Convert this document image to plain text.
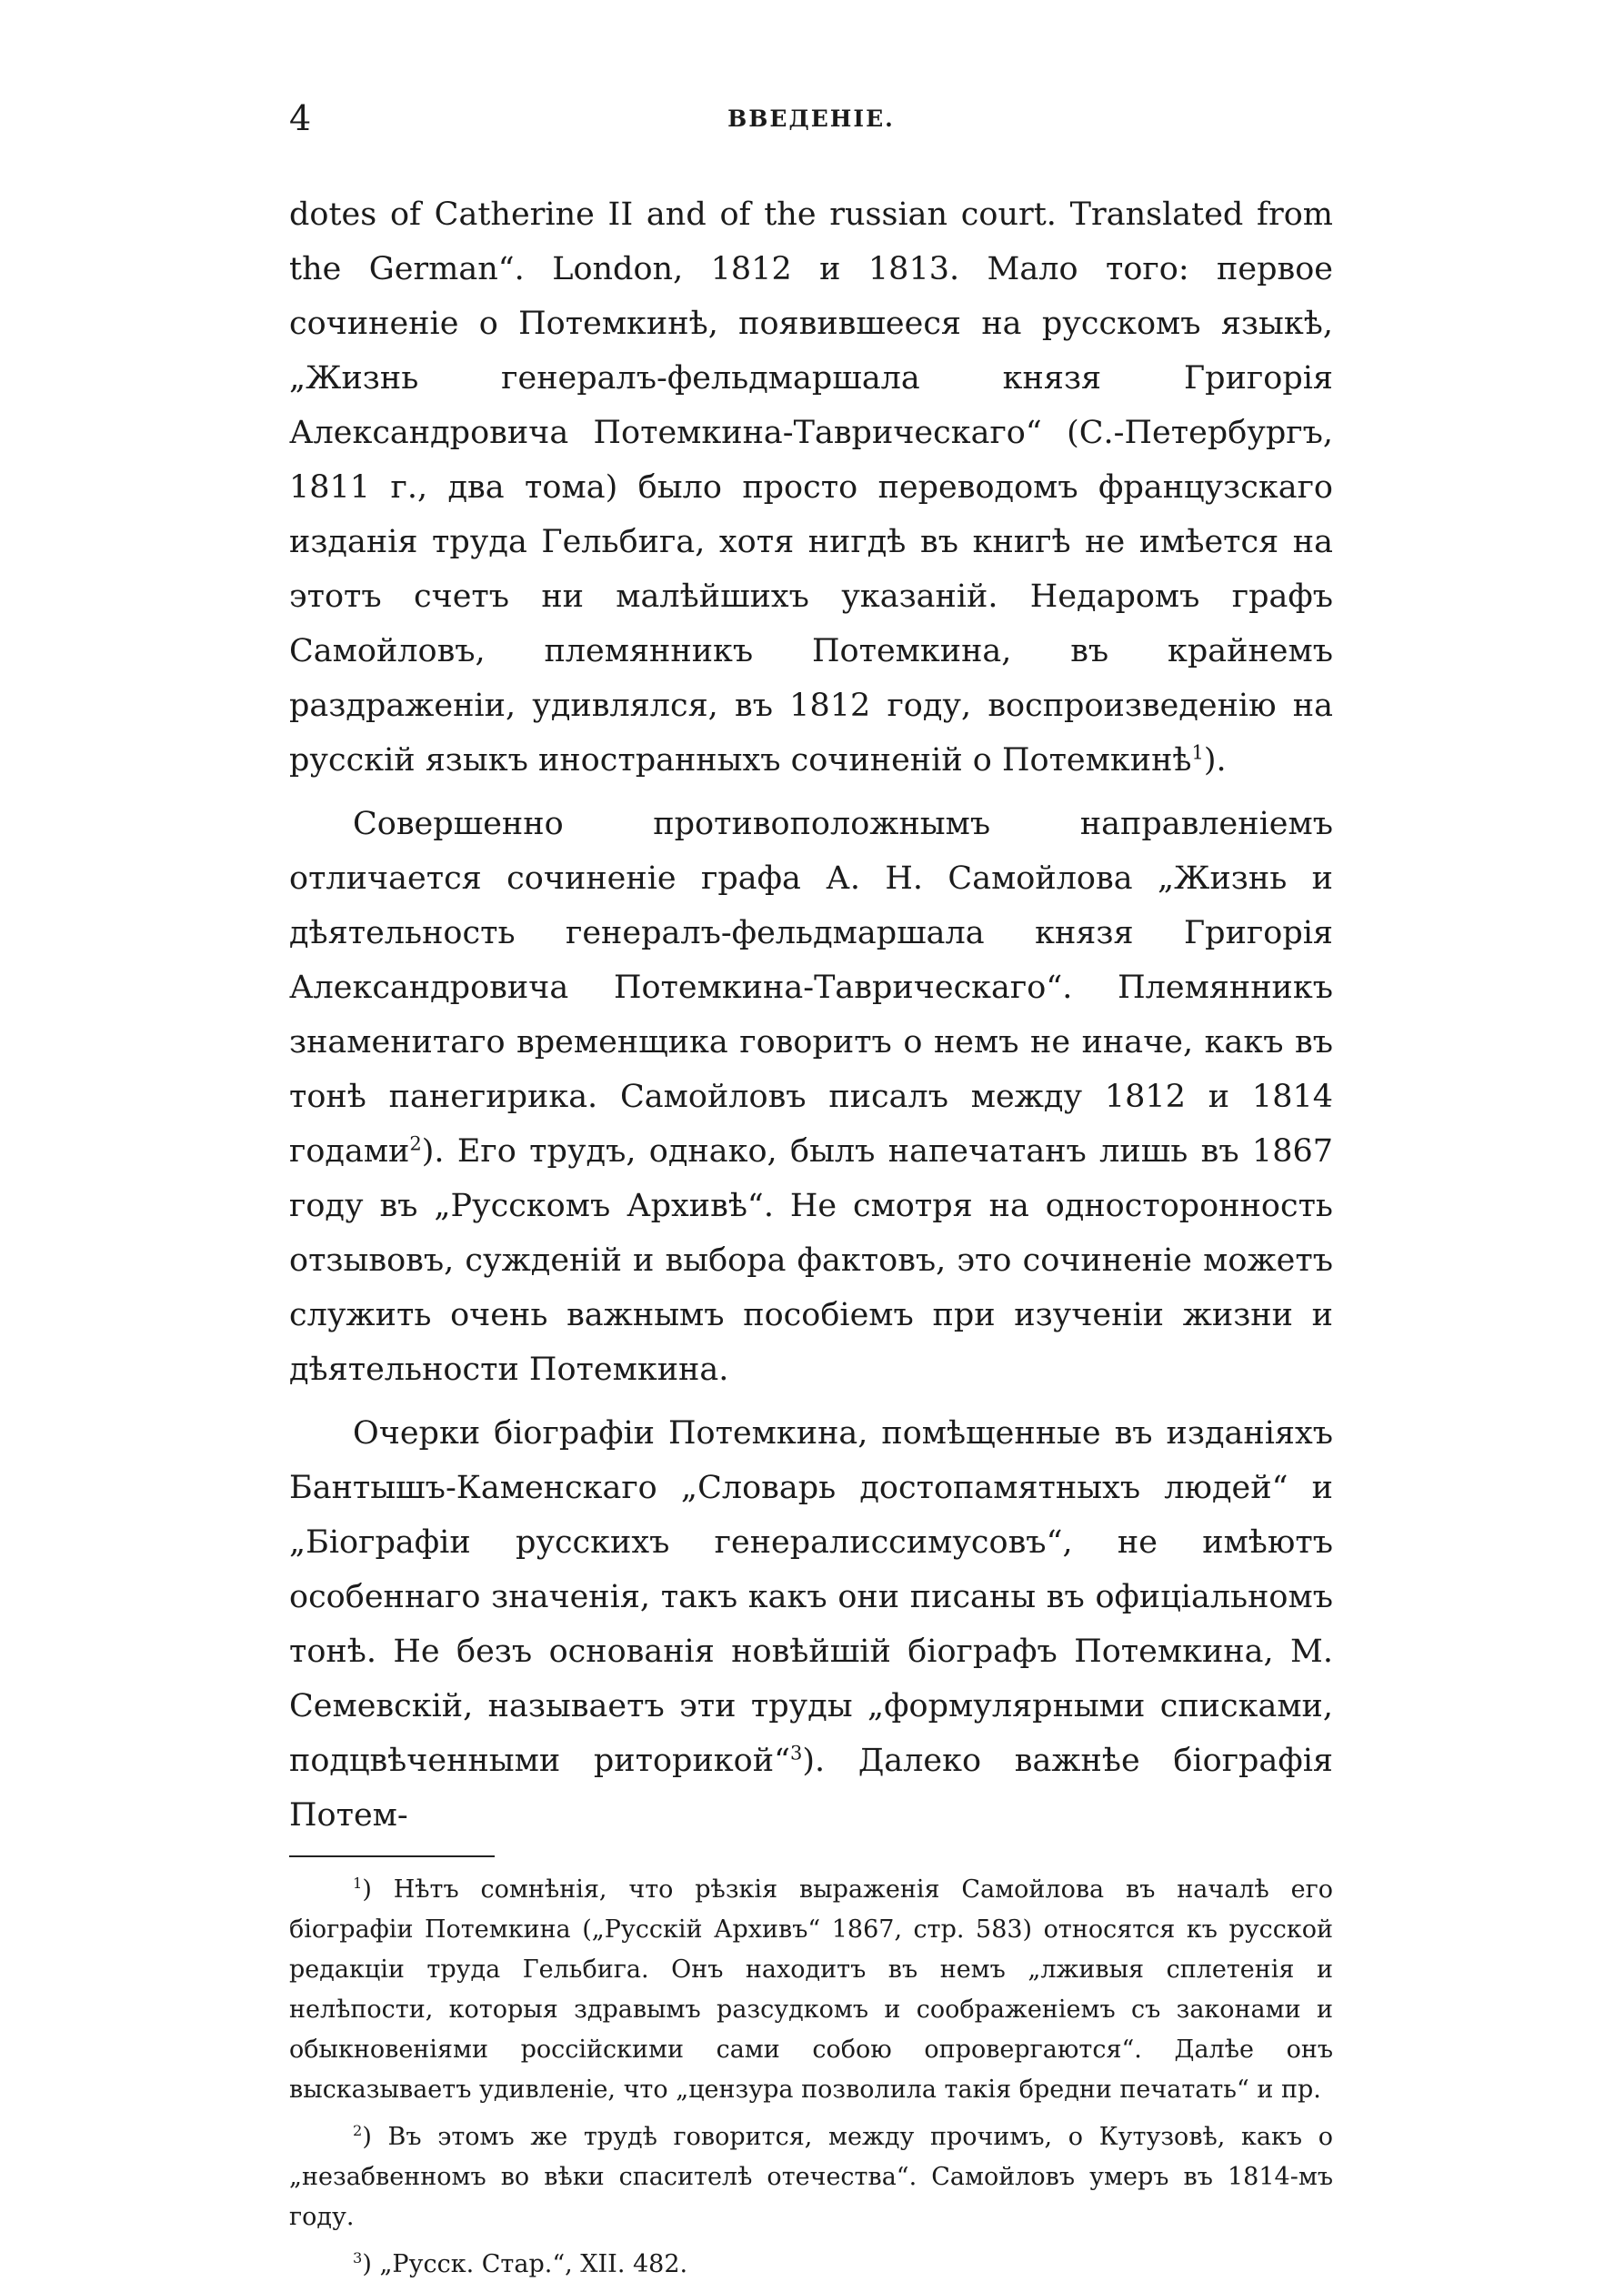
4	ВВЕДЕНІЕ.

dotes of Catherine II and of the russian court. Translated from the German“. London, 1812 и 1813. Мало того: первое сочиненіе о Потемкинѣ, появившееся на русскомъ языкѣ, „Жизнь генералъ-фельдмаршала князя Григорія Александровича Потемкина-Таврическаго“ (С.-Петербургъ, 1811 г., два тома) было просто переводомъ французскаго изданія труда Гельбига, хотя нигдѣ въ книгѣ не имѣется на этотъ счетъ ни малѣйшихъ указаній. Недаромъ графъ Самойловъ, племянникъ Потемкина, въ крайнемъ раздраженіи, удивлялся, въ 1812 году, воспроизведенію на русскій языкъ иностранныхъ сочиненій о Потемкинѣ$^1$).

Совершенно противоположнымъ направленіемъ отличается сочиненіе графа А. Н. Самойлова „Жизнь и дѣятельность генералъ-фельдмаршала князя Григорія Александровича Потемкина-Таврическаго“. Племянникъ знаменитаго временщика говоритъ о немъ не иначе, какъ въ тонѣ панегирика. Самойловъ писалъ между 1812 и 1814 годами$^2$). Его трудъ, однако, былъ напечатанъ лишь въ 1867 году въ „Русскомъ Архивѣ“. Не смотря на односторонность отзывовъ, сужденій и выбора фактовъ, это сочиненіе можетъ служить очень важнымъ пособіемъ при изученіи жизни и дѣятельности Потемкина.

Очерки біографіи Потемкина, помѣщенные въ изданіяхъ Бантышъ-Каменскаго „Словарь достопамятныхъ людей“ и „Біографіи русскихъ генералиссимусовъ“, не имѣютъ особеннаго значенія, такъ какъ они писаны въ офиціальномъ тонѣ. Не безъ основанія новѣйшій біографъ Потемкина, М. Семевскій, называетъ эти труды „формулярными списками, подцвѣченными риторикой“$^3$). Далеко важнѣе біографія Потем-

$^1$) Нѣтъ сомнѣнія, что рѣзкія выраженія Самойлова въ началѣ его біографіи Потемкина („Русскій Архивъ“ 1867, стр. 583) относятся къ русской редакціи труда Гельбига. Онъ находитъ въ немъ „лживыя сплетенія и нелѣпости, которыя здравымъ разсудкомъ и соображеніемъ съ законами и обыкновеніями россійскими сами собою опровергаются“. Далѣе онъ высказываетъ удивленіе, что „цензура позволила такія бредни печатать“ и пр.

$^2$) Въ этомъ же трудѣ говорится, между прочимъ, о Кутузовѣ, какъ о „незабвенномъ во вѣки спасителѣ отечества“. Самойловъ умеръ въ 1814-мъ году.

$^3$) „Русск. Стар.“, XII. 482.
